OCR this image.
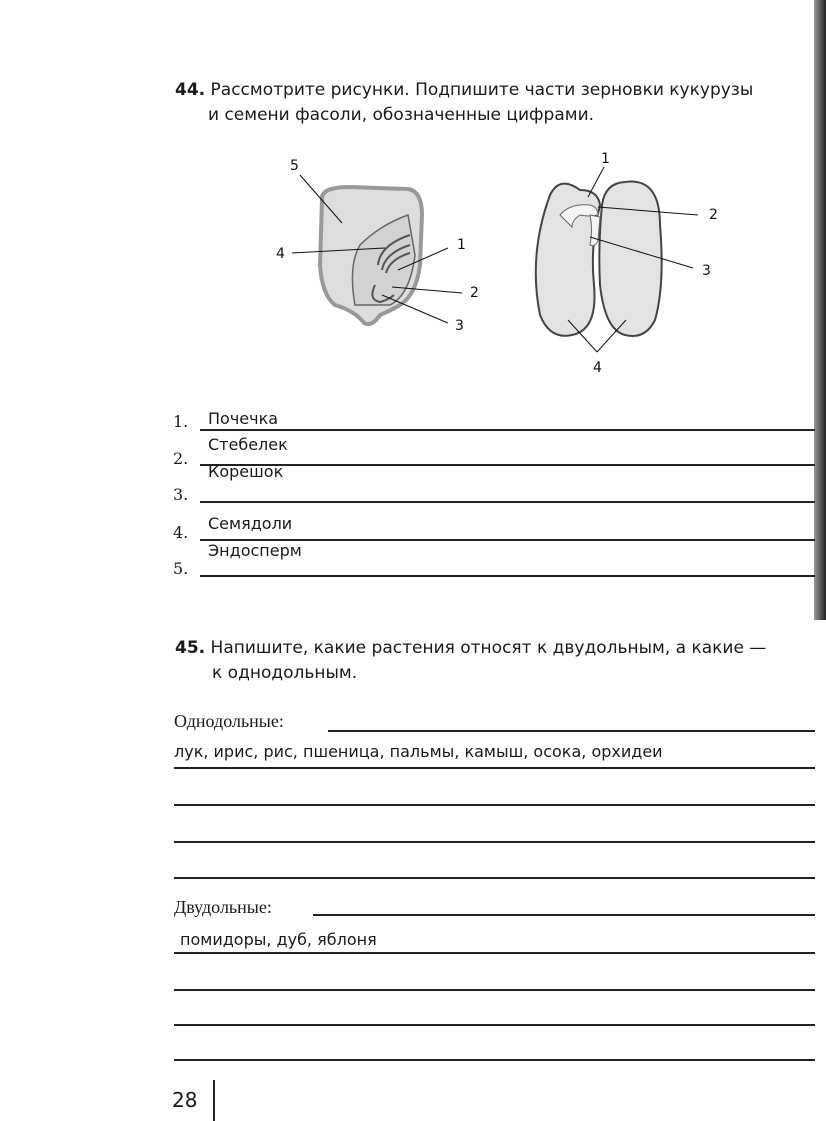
44. Рассмотрите рисунки. Подпишите части зерновки кукурузы
и семени фасоли, обозначенные цифрами.
1
2
3
4
5	1
2
3
4
1. Почечка
2.
Стебелек
3.
Корешок
4. Семядоли
5.
Эндосперм
45. Напишите, какие растения относят к двудольным, а какие —
к однодольным.
Однодольные:
лук, ирис, рис, пшеница, пальмы, камыш, осока, орхидеи
Двудольные:
помидоры, дуб, яблоня
28
